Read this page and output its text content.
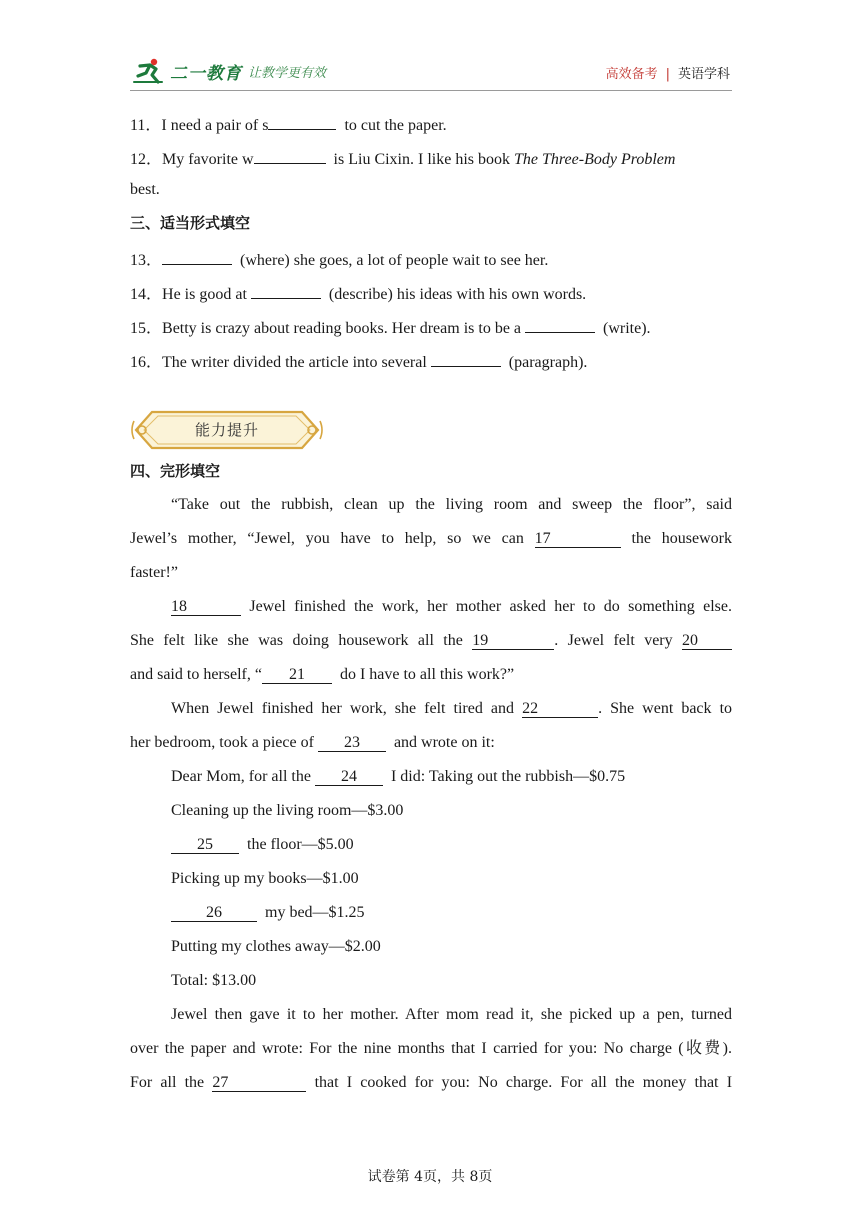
二一教育 让教学更有效	高效备考 | 英语学科
11．I need a pair of s	to cut the paper.
12．My favorite w	is Liu Cixin. I like his book The Three-Body Problem
best.
三、适当形式填空
13．	(where) she goes, a lot of people wait to see her.
14．He is good at	(describe) his ideas with his own words.
15．Betty is crazy about reading books. Her dream is to be a	(write).
16．The writer divided the article into several	(paragraph).
能力提升
四、完形填空
“Take out the rubbish, clean up the living room and sweep the floor”, said
Jewel’s mother, “Jewel, you have to help, so we can 17	the housework
faster!”
18	Jewel finished the work, her mother asked her to do something else.
She felt like she was doing housework all the 19	. Jewel felt very 20
and said to herself, “ 21 do I have to all this work?”
When Jewel finished her work, she felt tired and 22	. She went back to
her bedroom, took a piece of 23 and wrote on it:
Dear Mom, for all the 24 I did: Taking out the rubbish—$0.75
Cleaning up the living room—$3.00
25 the floor—$5.00
Picking up my books—$1.00
26	my bed—$1.25
Putting my clothes away—$2.00
Total: $13.00
Jewel then gave it to her mother. After mom read it, she picked up a pen, turned
over the paper and wrote: For the nine months that I carried for you: No charge (收费).
For all the 27	that I cooked for you: No charge. For all the money that I
试卷第 4页，共 8页
